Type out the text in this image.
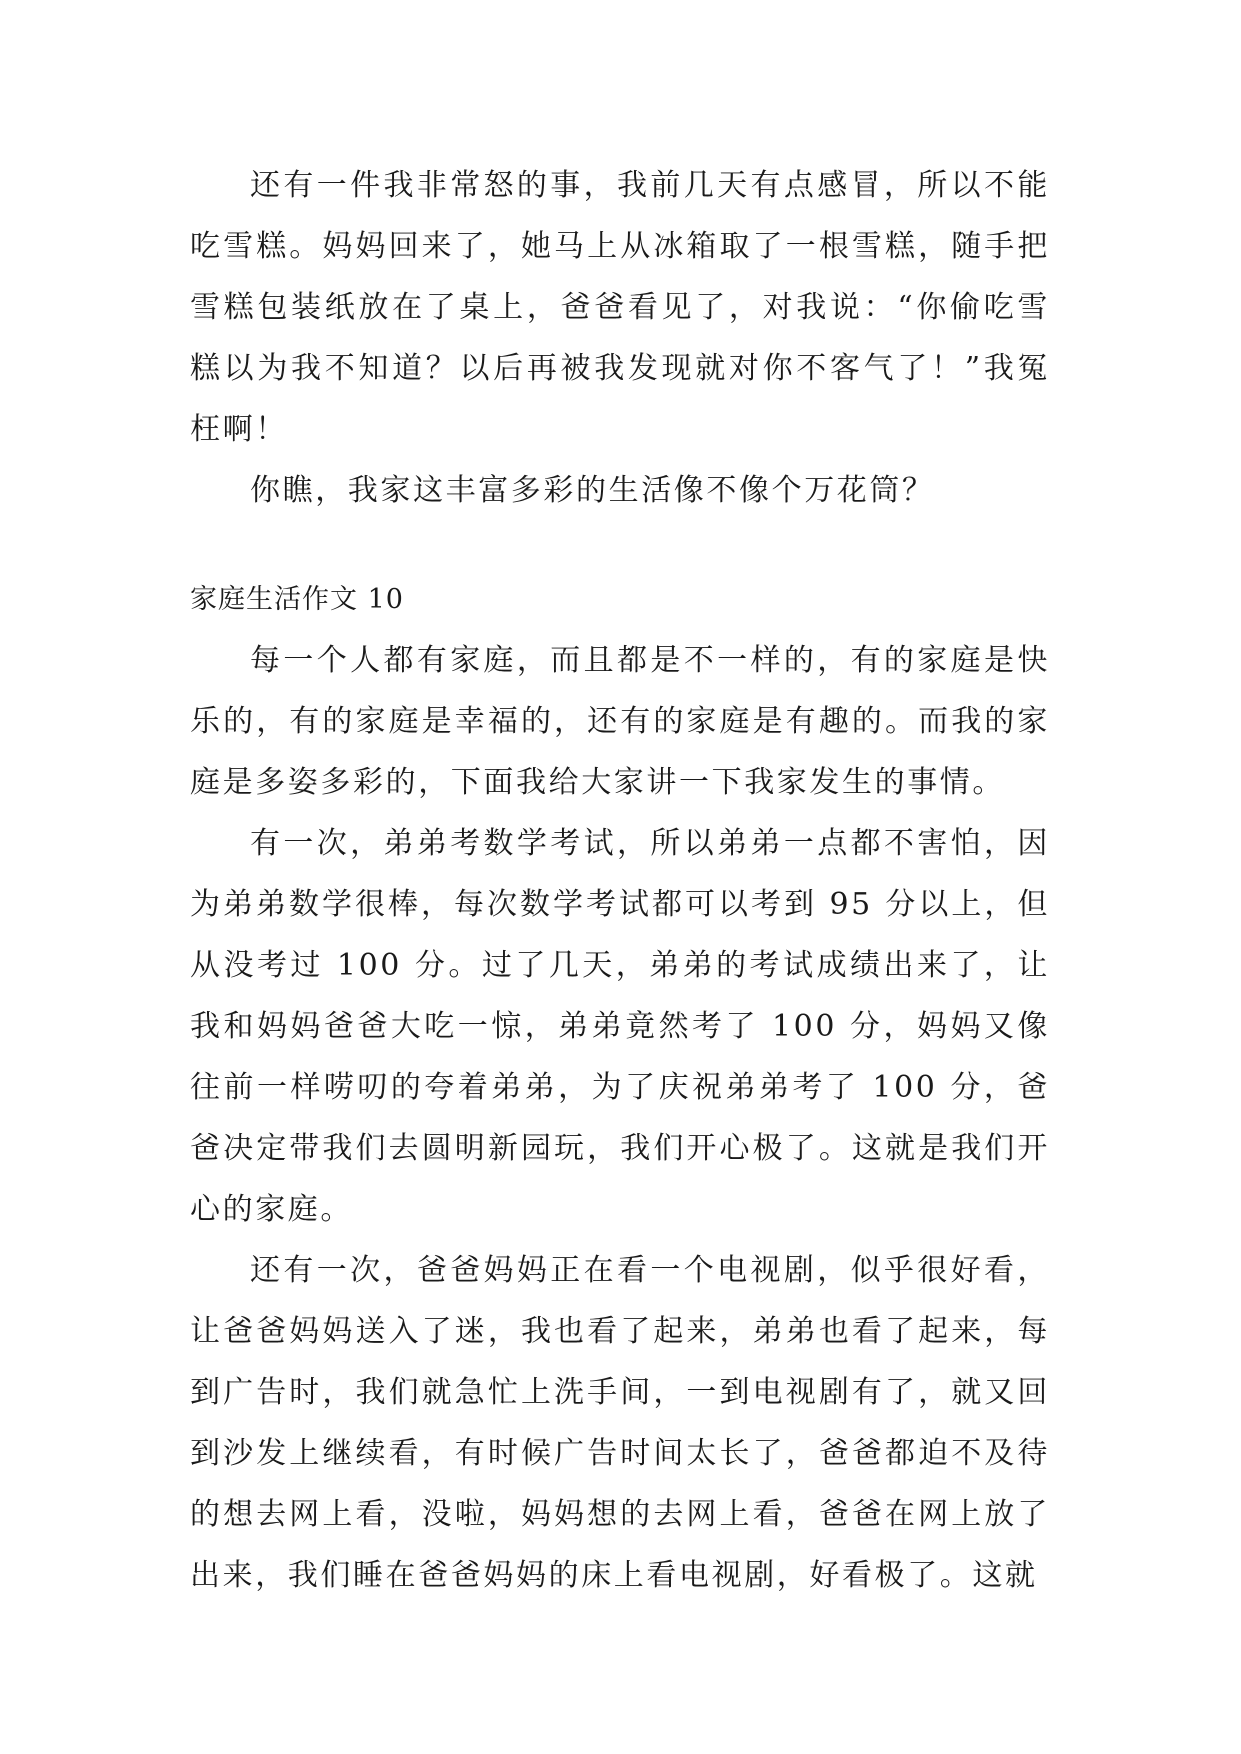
还有一件我非常怒的事，我前几天有点感冒，所以不能吃雪糕。妈妈回来了，她马上从冰箱取了一根雪糕，随手把雪糕包装纸放在了桌上，爸爸看见了，对我说：“你偷吃雪糕以为我不知道？以后再被我发现就对你不客气了！”我冤枉啊！

你瞧，我家这丰富多彩的生活像不像个万花筒？

家庭生活作文 10

每一个人都有家庭，而且都是不一样的，有的家庭是快乐的，有的家庭是幸福的，还有的家庭是有趣的。而我的家庭是多姿多彩的，下面我给大家讲一下我家发生的事情。

有一次，弟弟考数学考试，所以弟弟一点都不害怕，因为弟弟数学很棒，每次数学考试都可以考到 95 分以上，但从没考过 100 分。过了几天，弟弟的考试成绩出来了，让我和妈妈爸爸大吃一惊，弟弟竟然考了 100 分，妈妈又像往前一样唠叨的夸着弟弟，为了庆祝弟弟考了 100 分，爸爸决定带我们去圆明新园玩，我们开心极了。这就是我们开心的家庭。

还有一次，爸爸妈妈正在看一个电视剧，似乎很好看，让爸爸妈妈送入了迷，我也看了起来，弟弟也看了起来，每到广告时，我们就急忙上洗手间，一到电视剧有了，就又回到沙发上继续看，有时候广告时间太长了，爸爸都迫不及待的想去网上看，没啦，妈妈想的去网上看，爸爸在网上放了出来，我们睡在爸爸妈妈的床上看电视剧，好看极了。这就
